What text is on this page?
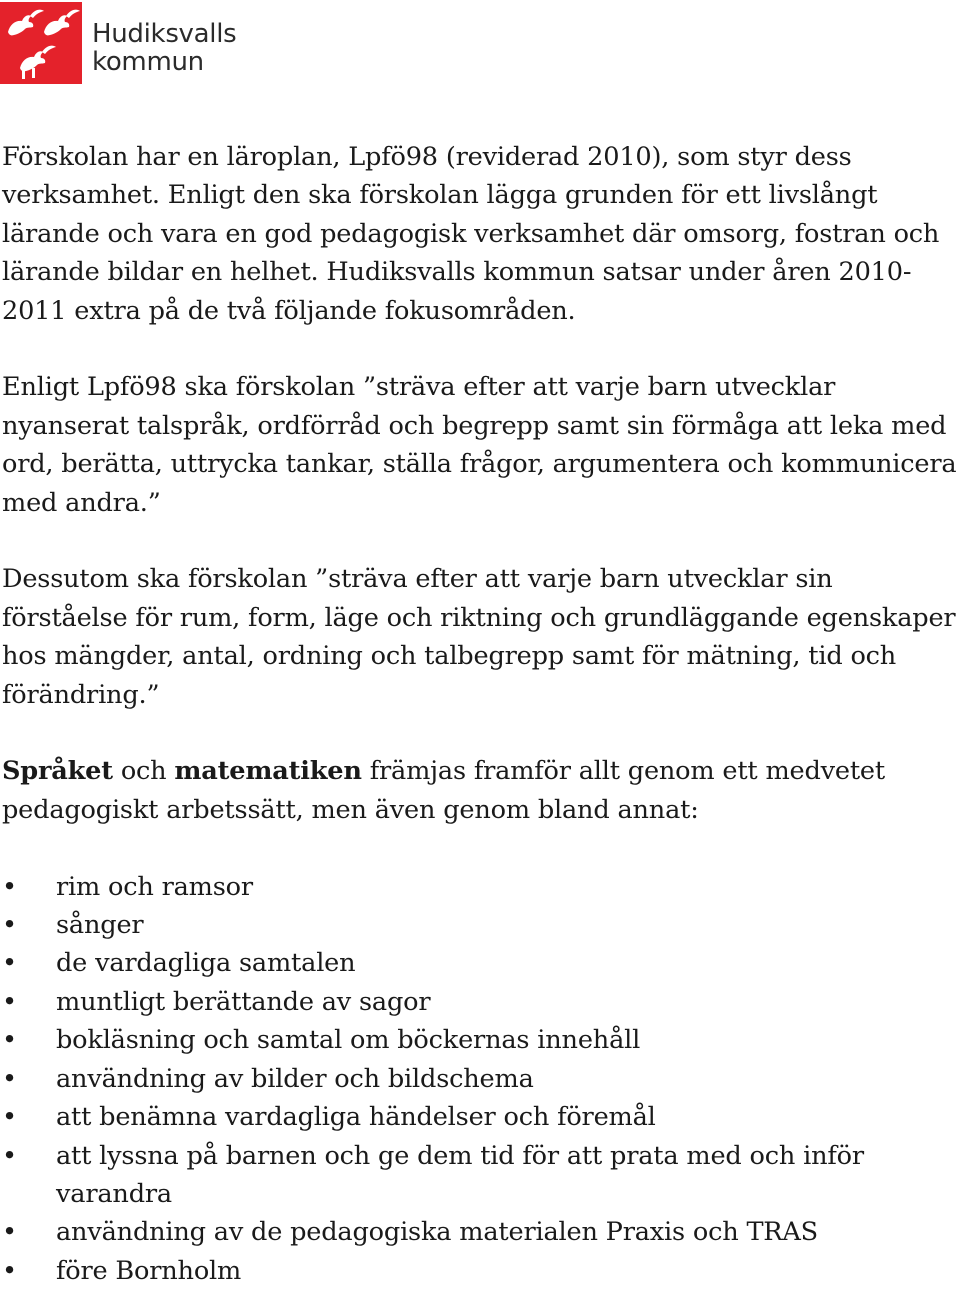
Hudiksvalls
kommun

Förskolan har en läroplan, Lpfö98 (reviderad 2010), som styr dess verksamhet. Enligt den ska förskolan lägga grunden för ett livslångt lärande och vara en god pedagogisk verksamhet där omsorg, fostran och lärande bildar en helhet. Hudiksvalls kommun satsar under åren 2010-2011 extra på de två följande fokusområden.

Enligt Lpfö98 ska förskolan ”sträva efter att varje barn utvecklar nyanserat talspråk, ordförråd och begrepp samt sin förmåga att leka med ord, berätta, uttrycka tankar, ställa frågor, argumentera och kommunicera med andra.”

Dessutom ska förskolan ”sträva efter att varje barn utvecklar sin förståelse för rum, form, läge och riktning och grundläggande egenskaper hos mängder, antal, ordning och talbegrepp samt för mätning, tid och förändring.”

Språket och matematiken främjas framför allt genom ett medvetet pedagogiskt arbetssätt, men även genom bland annat:

• rim och ramsor
• sånger
• de vardagliga samtalen
• muntligt berättande av sagor
• bokläsning och samtal om böckernas innehåll
• användning av bilder och bildschema
• att benämna vardagliga händelser och föremål
• att lyssna på barnen och ge dem tid för att prata med och inför varandra
• användning av de pedagogiska materialen Praxis och TRAS
• före Bornholm
